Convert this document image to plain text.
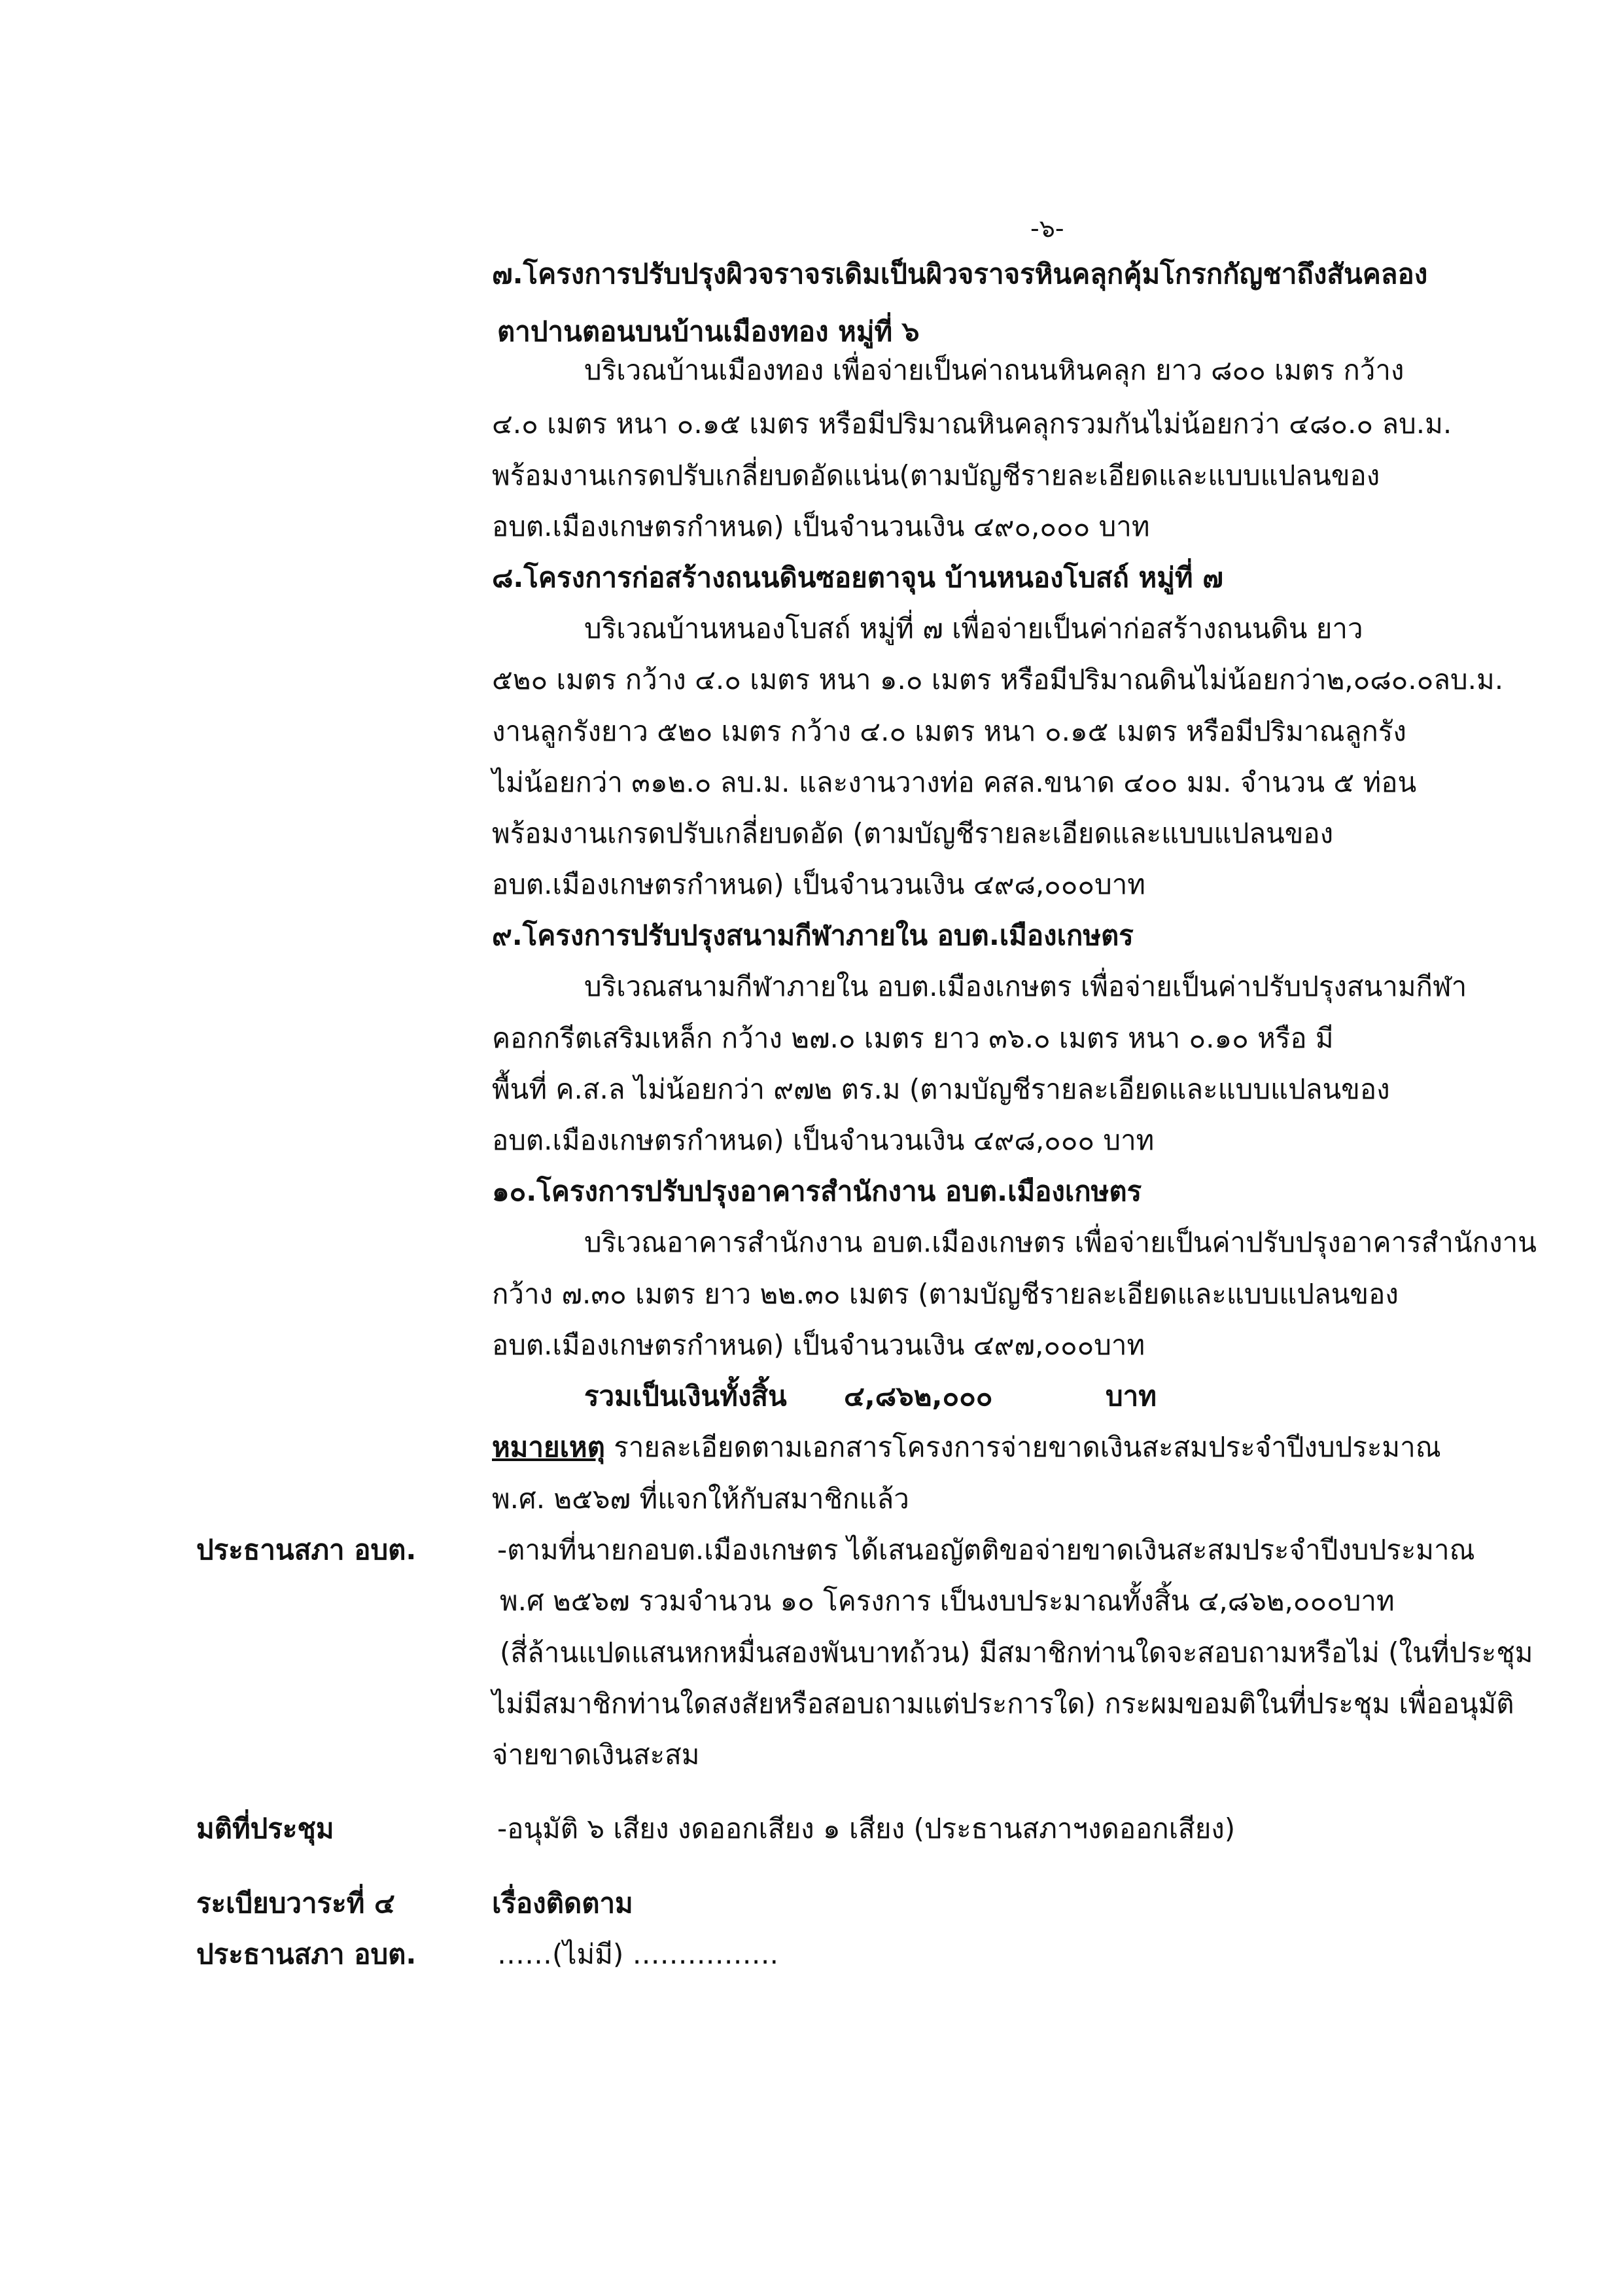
-๖-
๗.โครงการปรับปรุงผิวจราจรเดิมเป็นผิวจราจรหินคลุกคุ้มโกรกกัญชาถึงสันคลอง
ตาปานตอนบนบ้านเมืองทอง หมู่ที่ ๖
บริเวณบ้านเมืองทอง เพื่อจ่ายเป็นค่าถนนหินคลุก ยาว ๘๐๐ เมตร กว้าง
๔.๐ เมตร หนา ๐.๑๕ เมตร หรือมีปริมาณหินคลุกรวมกันไม่น้อยกว่า ๔๘๐.๐ ลบ.ม.
พร้อมงานเกรดปรับเกลี่ยบดอัดแน่น(ตามบัญชีรายละเอียดและแบบแปลนของ
อบต.เมืองเกษตรกำหนด) เป็นจำนวนเงิน ๔๙๐,๐๐๐ บาท
๘.โครงการก่อสร้างถนนดินซอยตาจุน บ้านหนองโบสถ์ หมู่ที่ ๗
บริเวณบ้านหนองโบสถ์ หมู่ที่ ๗ เพื่อจ่ายเป็นค่าก่อสร้างถนนดิน ยาว
๕๒๐ เมตร กว้าง ๔.๐ เมตร หนา ๑.๐ เมตร หรือมีปริมาณดินไม่น้อยกว่า๒,๐๘๐.๐ลบ.ม.
งานลูกรังยาว ๕๒๐ เมตร กว้าง ๔.๐ เมตร หนา ๐.๑๕ เมตร หรือมีปริมาณลูกรัง
ไม่น้อยกว่า ๓๑๒.๐ ลบ.ม. และงานวางท่อ คสล.ขนาด ๔๐๐ มม. จำนวน ๕ ท่อน
พร้อมงานเกรดปรับเกลี่ยบดอัด (ตามบัญชีรายละเอียดและแบบแปลนของ
อบต.เมืองเกษตรกำหนด) เป็นจำนวนเงิน ๔๙๘,๐๐๐บาท
๙.โครงการปรับปรุงสนามกีฬาภายใน อบต.เมืองเกษตร
บริเวณสนามกีฬาภายใน อบต.เมืองเกษตร เพื่อจ่ายเป็นค่าปรับปรุงสนามกีฬา
คอกกรีตเสริมเหล็ก กว้าง ๒๗.๐ เมตร ยาว ๓๖.๐ เมตร หนา ๐.๑๐ หรือ มี
พื้นที่ ค.ส.ล ไม่น้อยกว่า ๙๗๒ ตร.ม (ตามบัญชีรายละเอียดและแบบแปลนของ
อบต.เมืองเกษตรกำหนด) เป็นจำนวนเงิน ๔๙๘,๐๐๐ บาท
๑๐.โครงการปรับปรุงอาคารสำนักงาน อบต.เมืองเกษตร
บริเวณอาคารสำนักงาน อบต.เมืองเกษตร เพื่อจ่ายเป็นค่าปรับปรุงอาคารสำนักงาน
กว้าง ๗.๓๐ เมตร ยาว ๒๒.๓๐ เมตร (ตามบัญชีรายละเอียดและแบบแปลนของ
อบต.เมืองเกษตรกำหนด) เป็นจำนวนเงิน ๔๙๗,๐๐๐บาท
รวมเป็นเงินทั้งสิ้น ๔,๘๖๒,๐๐๐	บาท
หมายเหตุ รายละเอียดตามเอกสารโครงการจ่ายขาดเงินสะสมประจำปีงบประมาณ
พ.ศ. ๒๕๖๗ ที่แจกให้กับสมาชิกแล้ว
ประธานสภา อบต.	-ตามที่นายกอบต.เมืองเกษตร ได้เสนอญัตติขอจ่ายขาดเงินสะสมประจำปีงบประมาณ
พ.ศ ๒๕๖๗ รวมจำนวน ๑๐ โครงการ เป็นงบประมาณทั้งสิ้น ๔,๘๖๒,๐๐๐บาท
(สี่ล้านแปดแสนหกหมื่นสองพันบาทถ้วน) มีสมาชิกท่านใดจะสอบถามหรือไม่ (ในที่ประชุม
ไม่มีสมาชิกท่านใดสงสัยหรือสอบถามแต่ประการใด) กระผมขอมติในที่ประชุม เพื่ออนุมัติ
จ่ายขาดเงินสะสม
มติที่ประชุม	-อนุมัติ ๖ เสียง งดออกเสียง ๑ เสียง (ประธานสภาฯงดออกเสียง)
ระเบียบวาระที่ ๔	เรื่องติดตาม
ประธานสภา อบต.	……(ไม่มี) …………….
